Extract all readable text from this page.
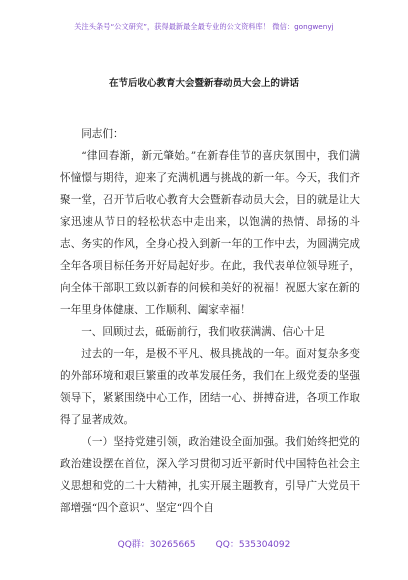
关注头条号“公文研究”，获得最新最全最专业的公文资料库！ 微信：gongwenyj
在节后收心教育大会暨新春动员大会上的讲话

同志们：

“律回春渐，新元肇始。”在新春佳节的喜庆氛围中，我们满怀憧憬与期待，迎来了充满机遇与挑战的新一年。今天，我们齐聚一堂，召开节后收心教育大会暨新春动员大会，目的就是让大家迅速从节日的轻松状态中走出来，以饱满的热情、昂扬的斗志、务实的作风，全身心投入到新一年的工作中去，为圆满完成全年各项目标任务开好局起好步。在此，我代表单位领导班子，向全体干部职工致以新春的问候和美好的祝福！祝愿大家在新的一年里身体健康、工作顺利、阖家幸福！

一、回顾过去，砥砺前行，我们收获满满、信心十足

过去的一年，是极不平凡、极具挑战的一年。面对复杂多变的外部环境和艰巨繁重的改革发展任务，我们在上级党委的坚强领导下，紧紧围绕中心工作，团结一心、拼搏奋进，各项工作取得了显著成效。

（一）坚持党建引领，政治建设全面加强。我们始终把党的政治建设摆在首位，深入学习贯彻习近平新时代中国特色社会主义思想和党的二十大精神，扎实开展主题教育，引导广大党员干部增强“四个意识”、坚定“四个自

QQ群：30265665 QQ：535304092
